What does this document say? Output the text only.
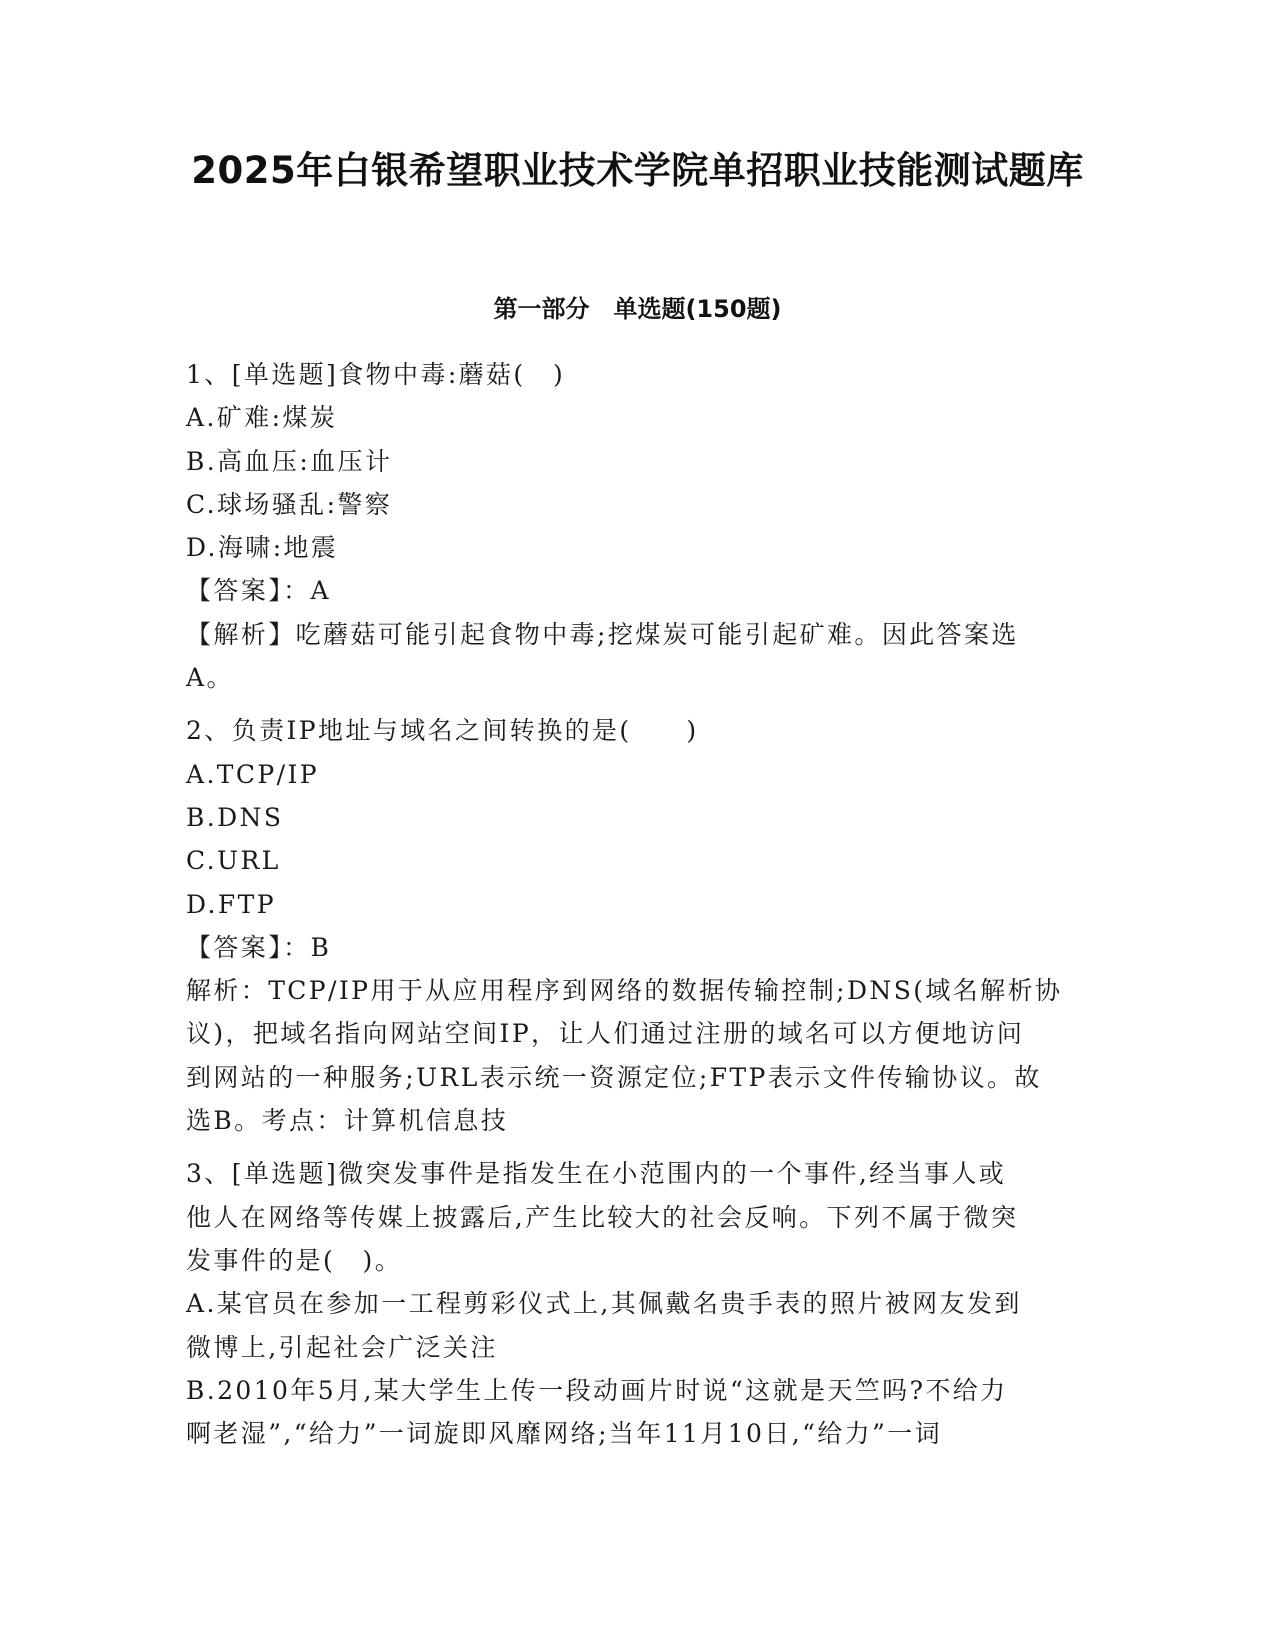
2025年白银希望职业技术学院单招职业技能测试题库
第一部分　单选题(150题)
1、[单选题]食物中毒:蘑菇(　)
A.矿难:煤炭
B.高血压:血压计
C.球场骚乱:警察
D.海啸:地震
【答案】：A
【解析】吃蘑菇可能引起食物中毒;挖煤炭可能引起矿难。因此答案选
A。
2、负责IP地址与域名之间转换的是(　　)
A.TCP/IP
B.DNS
C.URL
D.FTP
【答案】：B
解析：TCP/IP用于从应用程序到网络的数据传输控制;DNS(域名解析协
议)，把域名指向网站空间IP，让人们通过注册的域名可以方便地访问
到网站的一种服务;URL表示统一资源定位;FTP表示文件传输协议。故
选B。考点：计算机信息技
3、[单选题]微突发事件是指发生在小范围内的一个事件,经当事人或
他人在网络等传媒上披露后,产生比较大的社会反响。下列不属于微突
发事件的是(　)。
A.某官员在参加一工程剪彩仪式上,其佩戴名贵手表的照片被网友发到
微博上,引起社会广泛关注
B.2010年5月,某大学生上传一段动画片时说“这就是天竺吗?不给力
啊老湿”,“给力”一词旋即风靡网络;当年11月10日,“给力”一词
